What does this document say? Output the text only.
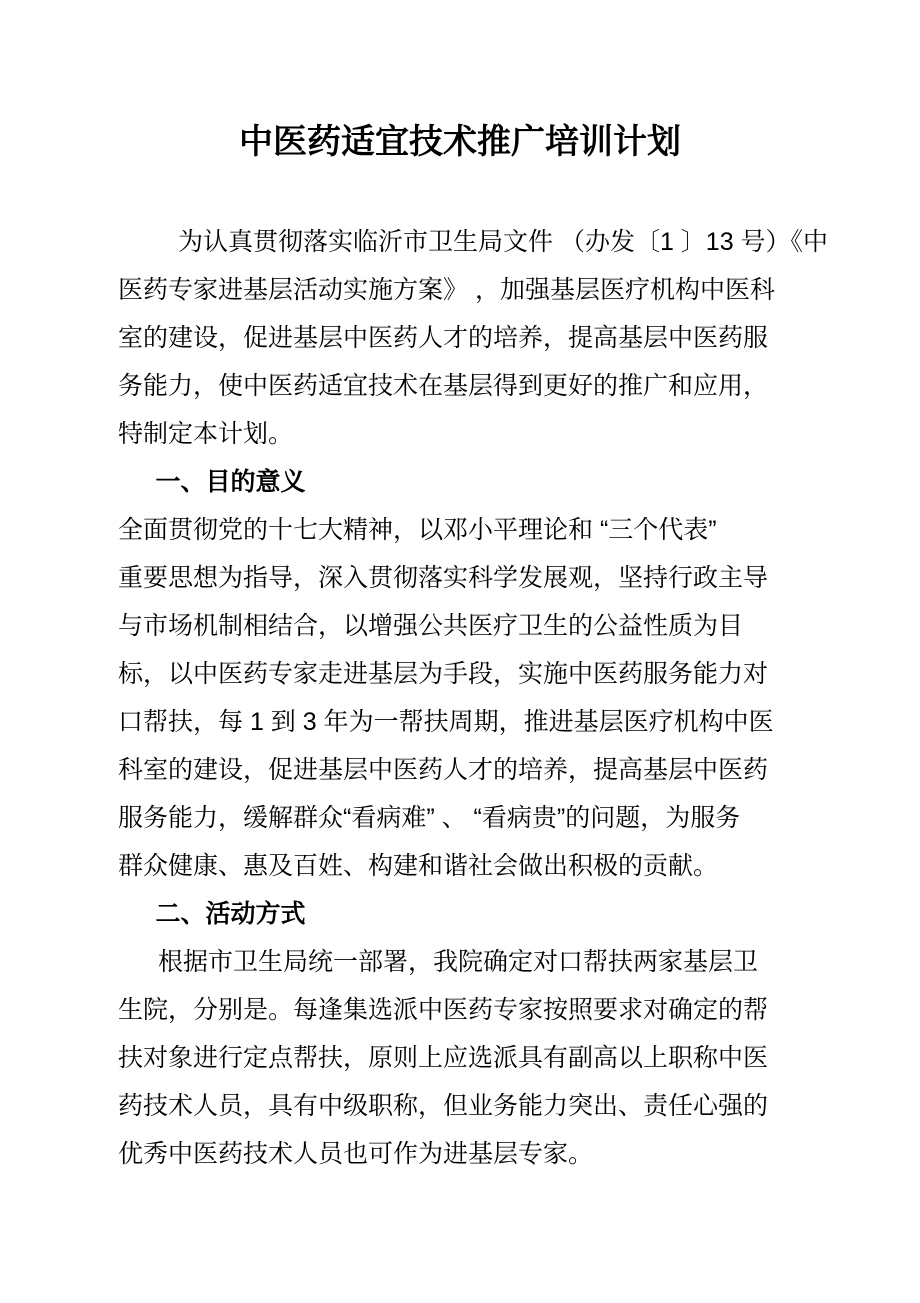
中医药适宜技术推广培训计划
为认真贯彻落实临沂市卫生局文件 （办发〔1 〕13 号）《中
医药专家进基层活动实施方案》 ，加强基层医疗机构中医科
室的建设，促进基层中医药人才的培养，提高基层中医药服
务能力，使中医药适宜技术在基层得到更好的推广和应用，
特制定本计划。
一、目的意义
全面贯彻党的十七大精神，以邓小平理论和 “三个代表”
重要思想为指导，深入贯彻落实科学发展观，坚持行政主导
与市场机制相结合，以增强公共医疗卫生的公益性质为目
标，以中医药专家走进基层为手段，实施中医药服务能力对
口帮扶，每 1 到 3 年为一帮扶周期，推进基层医疗机构中医
科室的建设，促进基层中医药人才的培养，提高基层中医药
服务能力，缓解群众“看病难” 、 “看病贵”的问题，为服务
群众健康、惠及百姓、构建和谐社会做出积极的贡献。
二、活动方式
根据市卫生局统一部署，我院确定对口帮扶两家基层卫
生院，分别是。每逢集选派中医药专家按照要求对确定的帮
扶对象进行定点帮扶，原则上应选派具有副高以上职称中医
药技术人员，具有中级职称，但业务能力突出、责任心强的
优秀中医药技术人员也可作为进基层专家。
